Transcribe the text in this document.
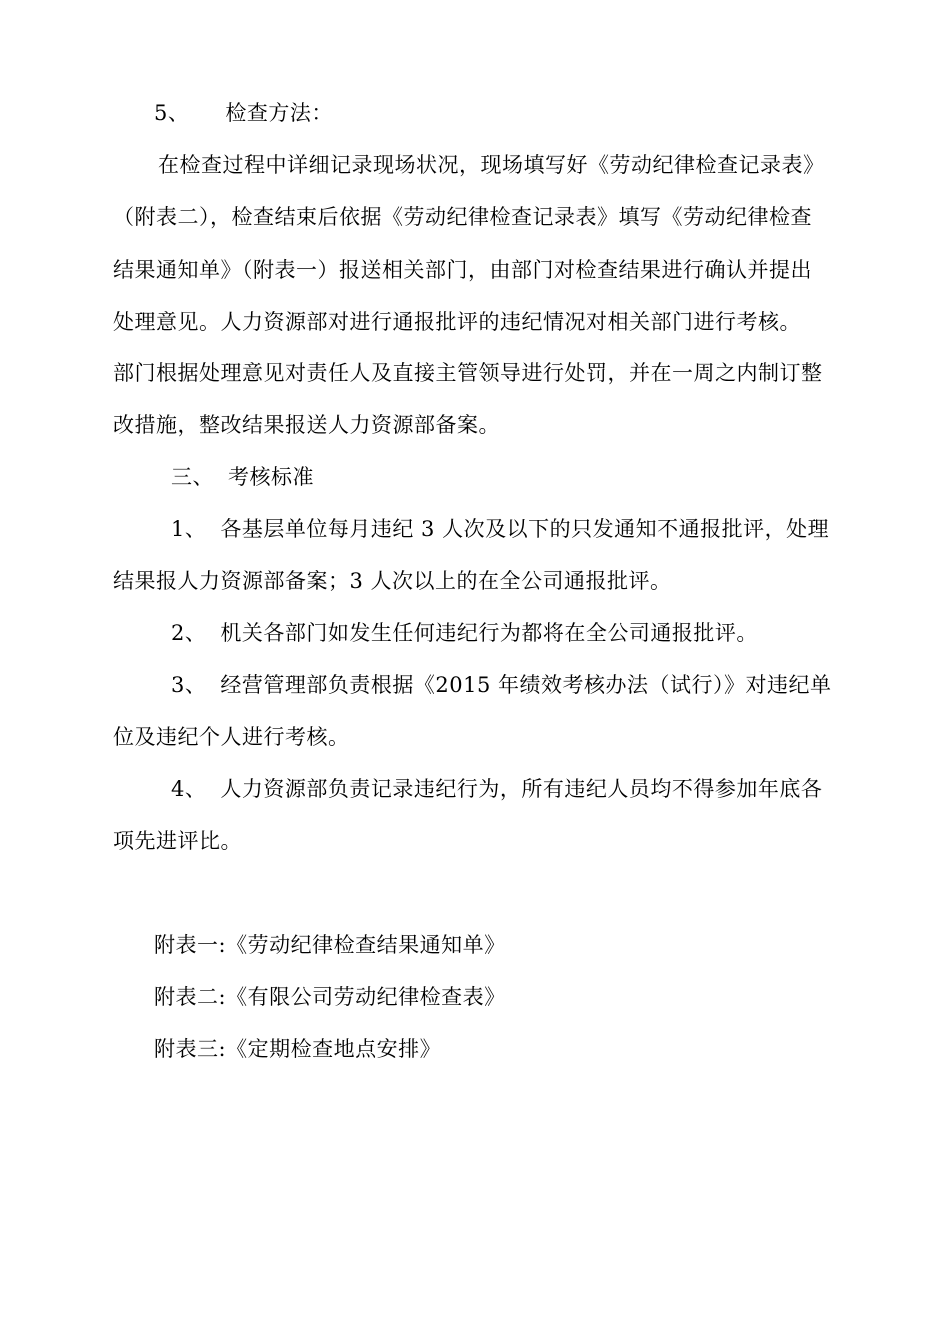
5、 检查方法：
在检查过程中详细记录现场状况，现场填写好《劳动纪律检查记录表》
（附表二），检查结束后依据《劳动纪律检查记录表》填写《劳动纪律检查
结果通知单》（附表一）报送相关部门，由部门对检查结果进行确认并提出
处理意见。人力资源部对进行通报批评的违纪情况对相关部门进行考核。
部门根据处理意见对责任人及直接主管领导进行处罚，并在一周之内制订整
改措施，整改结果报送人力资源部备案。
三、 考核标准
1、 各基层单位每月违纪 3 人次及以下的只发通知不通报批评，处理
结果报人力资源部备案；3 人次以上的在全公司通报批评。
2、 机关各部门如发生任何违纪行为都将在全公司通报批评。
3、 经营管理部负责根据《2015 年绩效考核办法（试行）》对违纪单
位及违纪个人进行考核。
4、 人力资源部负责记录违纪行为，所有违纪人员均不得参加年底各
项先进评比。
附表一:《劳动纪律检查结果通知单》
附表二:《有限公司劳动纪律检查表》
附表三:《定期检查地点安排》
